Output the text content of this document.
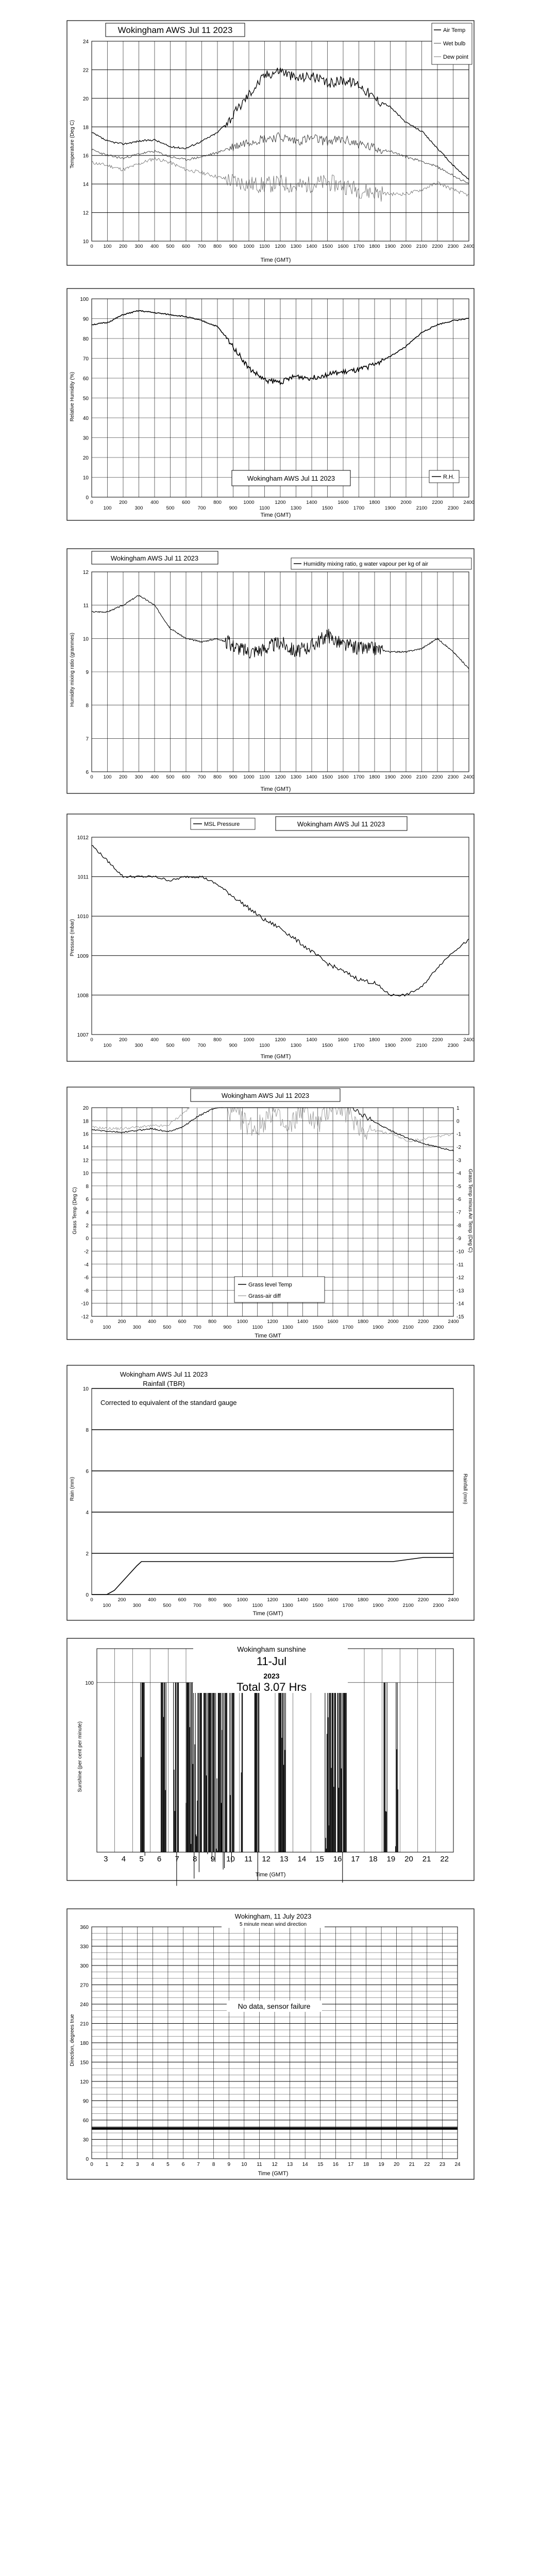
10
12
14
16
18
20
22
24
0 100 200 300 400 500 600 700 800 900 1000 1100 1200 1300 1400 1500 1600 1700 1800 1900 2000 2100 2200 2300 2400
0
10
20
30
40
50
60
70
80
90
100
0
100
200
300
400
500
600
700
800
900
1000
1100
1200
1300
1400
1500
1600
1700
1800
1900
2000
2100
2200
2300
2400
6
7
8
9
10
11
12
0 100 200 300 400 500 600 700 800 900 1000 1100 1200 1300 1400 1500 1600 1700 1800 1900 2000 2100 2200 2300 2400
1007
1008
1009
1010
1011
1012
0
100
200
300
400
500
600
700
800
900
1000
1100
1200
1300
1400
1500
1600
1700
1800
1900
2000
2100
2200
2300
2400
-12
-10
-8
-6
-4
-2
0
2
4
6
8
10
12
14
16
18
20
0
100
200
300
400
500
600
700
800
900
1000
1100
1200
1300
1400
1500
1600
1700
1800
1900
2000
2100
2200
2300
2400
-15
-14
-13
-12
-11
-10
-9
-8
-7
-6
-5
-4
-3
-2
-1
0
1
0
2
4
6
8
10
0
100
200
300
400
500
600
700
800
900
1000
1100
1200
1300
1400
1500
1600
1700
1800
1900
2000
2100
2200
2300
2400
3 4 5 6 7 8 9 10 11 12 13 14 15 16 17 18 19 20 21 22
100
0 1 2 3 4 5 6 7 8 9 10 11 12 13 14 15 16 17 18 19 20 21 22 23 24
0
30
60
90
120
150
180
210
240
270
300
330
360
Wokingham AWS Jul 11 2023	Air Temp
Wet bulb
Dew point
Temperature (Deg C)
Time (GMT)
Wokingham AWS Jul 11 2023	R.H.
Relative Humidity (%)
Time (GMT)
Wokingham AWS Jul 11 2023
Humidity mixing ratio, g water vapour per kg of air
Humidity mixing ratio (grammes)
Time (GMT)
Wokingham AWS Jul 11 2023
MSL Pressure
Pressure (mbar)
Time (GMT)
Wokingham AWS Jul 11 2023
Grass level Temp
Grass-air diff
Grass Temp (Deg C)	Grass Temp minus Air Temp (Deg C)
Time GMT
Wokingham AWS Jul 11 2023
Rainfall (TBR)
Corrected to equivalent of the standard gauge
Rain (mm)	Rainfall (mm)
Time (GMT)
Wokingham sunshine
11-Jul
2023
Total 3.07 Hrs
Sunshine (per cent per minute)
Time (GMT)
Wokingham, 11 July 2023
5 minute mean wind direction
No data, sensor failure
Direction, degrees true
Time (GMT)
